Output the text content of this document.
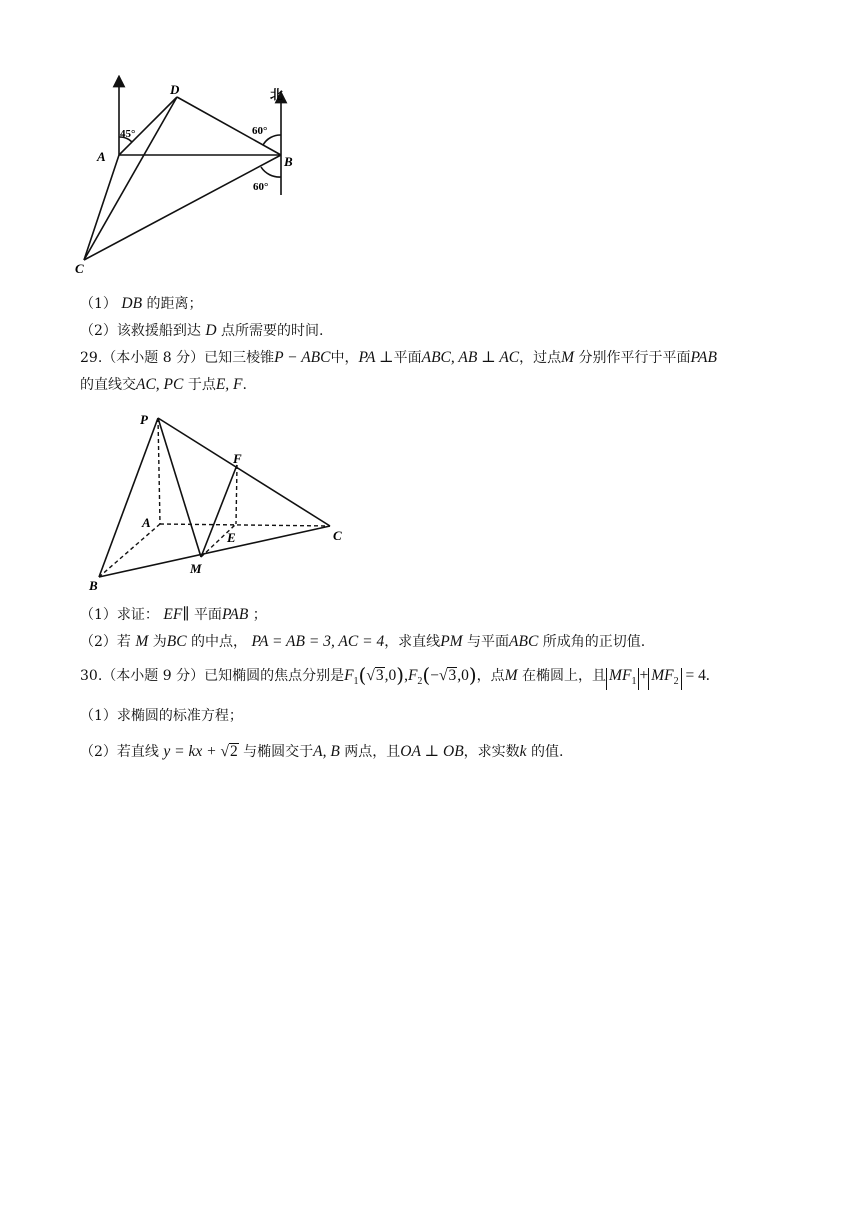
D
A	B
C
北
45°	60°
60°
（1） DB 的距离；
（2）该救援船到达 D 点所需要的时间.
29.（本小题 8 分）已知三棱锥P − ABC中，PA ⊥平面ABC, AB ⊥ AC，过点M 分别作平行于平面PAB
的直线交AC, PC 于点E, F.
P
F
A
E	C
M
B
（1）求证： EF∥ 平面PAB ；
（2）若 M 为BC 的中点， PA = AB = 3, AC = 4，求直线PM 与平面ABC 所成角的正切值.
30.（本小题 9 分）已知椭圆的焦点分别是$F_1(√3,0),F_2(-√3,0)$，点M 在椭圆上，且 $MF_1 + MF_2 = 4$.
（1）求椭圆的标准方程；
（2）若直线 y = kx + √2 与椭圆交于A, B 两点，且OA ⊥ OB，求实数k 的值.
